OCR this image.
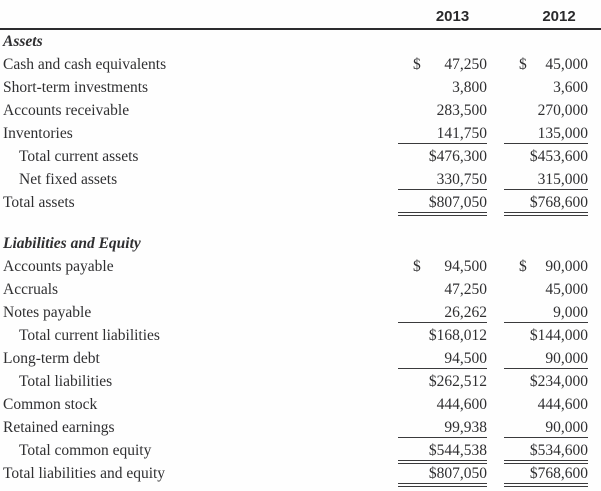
2013	2012
Assets
Cash and cash equivalents	$ 47,250	$ 45,000
Short-term investments	3,800	3,600
Accounts receivable	283,500	270,000
Inventories	141,750	135,000
Total current assets	$476,300	$453,600
Net fixed assets	330,750	315,000
Total assets	$807,050	$768,600
Liabilities and Equity
Accounts payable	$ 94,500	$ 90,000
Accruals	47,250	45,000
Notes payable	26,262	9,000
Total current liabilities	$168,012	$144,000
Long-term debt	94,500	90,000
Total liabilities	$262,512	$234,000
Common stock	444,600	444,600
Retained earnings	99,938	90,000
Total common equity	$544,538	$534,600
Total liabilities and equity	$807,050	$768,600
